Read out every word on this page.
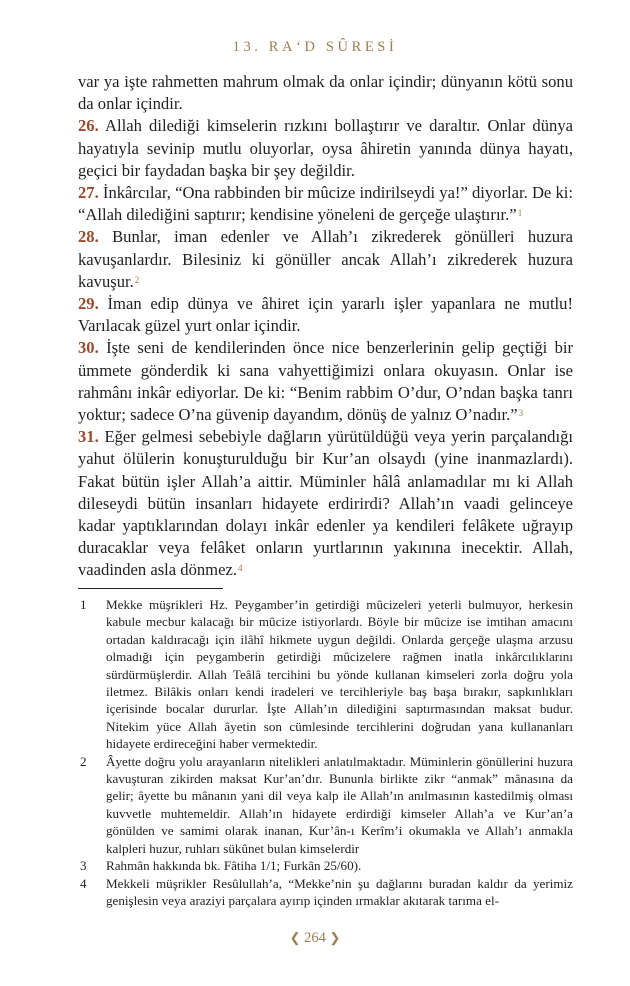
13. RA‘D SÛRESİ

var ya işte rahmetten mahrum olmak da onlar içindir; dünyanın kötü sonu da onlar içindir.

26. Allah dilediği kimselerin rızkını bollaştırır ve daraltır. Onlar dünya hayatıyla sevinip mutlu oluyorlar, oysa âhiretin yanında dünya hayatı, geçici bir faydadan başka bir şey değildir.

27. İnkârcılar, “Ona rabbinden bir mûcize indirilseydi ya!” diyorlar. De ki: “Allah dilediğini saptırır; kendisine yöneleni de gerçeğe ulaştırır.”$^1$

28. Bunlar, iman edenler ve Allah’ı zikrederek gönülleri huzura kavuşanlardır. Bilesiniz ki gönüller ancak Allah’ı zikrederek huzura kavuşur.$^2$

29. İman edip dünya ve âhiret için yararlı işler yapanlara ne mutlu! Varılacak güzel yurt onlar içindir.

30. İşte seni de kendilerinden önce nice benzerlerinin gelip geçtiği bir ümmete gönderdik ki sana vahyettiğimizi onlara okuyasın. Onlar ise rahmânı inkâr ediyorlar. De ki: “Benim rabbim O’dur, O’ndan başka tanrı yoktur; sadece O’na güvenip dayandım, dönüş de yalnız O’nadır.”$^3$

31. Eğer gelmesi sebebiyle dağların yürütüldüğü veya yerin parçalandığı yahut ölülerin konuşturulduğu bir Kur’an olsaydı (yine inanmazlardı). Fakat bütün işler Allah’a aittir. Müminler hâlâ anlamadılar mı ki Allah dileseydi bütün insanları hidayete erdirirdi? Allah’ın vaadi gelinceye kadar yaptıklarından dolayı inkâr edenler ya kendileri felâkete uğrayıp duracaklar veya felâket onların yurtlarının yakınına inecektir. Allah, vaadinden asla dönmez.$^4$

1	Mekke müşrikleri Hz. Peygamber’in getirdiği mûcizeleri yeterli bulmuyor, herkesin kabule mecbur kalacağı bir mûcize istiyorlardı. Böyle bir mûcize ise imtihan amacını ortadan kaldıracağı için ilâhî hikmete uygun değildi. Onlarda gerçeğe ulaşma arzusu olmadığı için peygamberin getirdiği mûcizelere rağmen inatla inkârcılıklarını sürdürmüşlerdir. Allah Teâlâ tercihini bu yönde kullanan kimseleri zorla doğru yola iletmez. Bilâkis onları kendi iradeleri ve tercihleriyle baş başa bırakır, sapkınlıkları içerisinde bocalar dururlar. İşte Allah’ın dilediğini saptırmasından maksat budur. Nitekim yüce Allah âyetin son cümlesinde tercihlerini doğrudan yana kullananları hidayete erdireceğini haber vermektedir.
2	Âyette doğru yolu arayanların nitelikleri anlatılmaktadır. Müminlerin gönüllerini huzura kavuşturan zikirden maksat Kur’an’dır. Bununla birlikte zikr “anmak” mânasına da gelir; âyette bu mânanın yani dil veya kalp ile Allah’ın anılmasının kastedilmiş olması kuvvetle muhtemeldir. Allah’ın hidayete erdirdiği kimseler Allah’a ve Kur’an’a gönülden ve samimi olarak inanan, Kur’ân-ı Kerîm’i okumakla ve Allah’ı anmakla kalpleri huzur, ruhları sükûnet bulan kimselerdir
3	Rahmân hakkında bk. Fâtiha 1/1; Furkân 25/60).
4	Mekkeli müşrikler Resûlullah’a, “Mekke’nin şu dağlarını buradan kaldır da yerimiz genişlesin veya araziyi parçalara ayırıp içinden ırmaklar akıtarak tarıma el-
❮ 264 ❯
